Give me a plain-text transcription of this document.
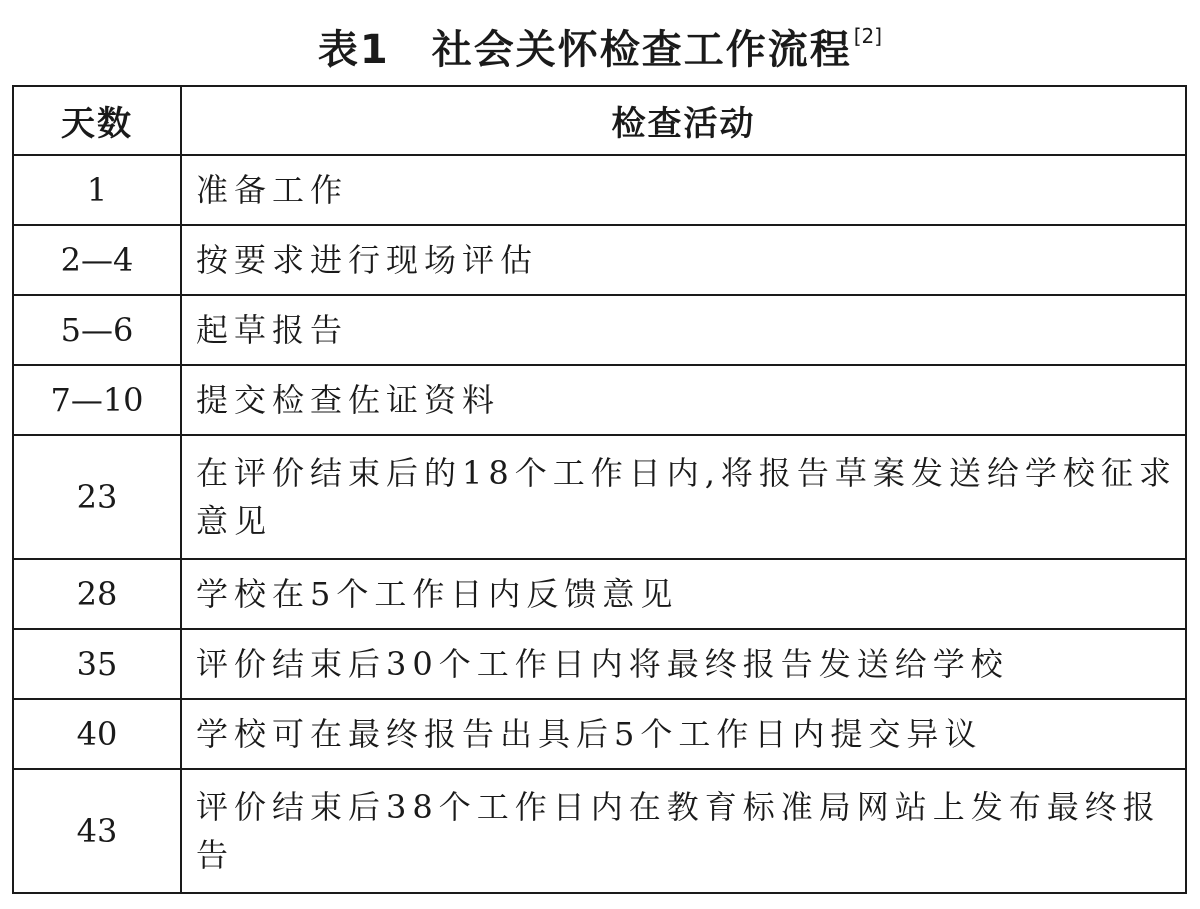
表1　社会关怀检查工作流程 [2]
天数	检查活动
1	准备工作
2—4	按要求进行现场评估
5—6	起草报告
7—10	提交检查佐证资料
23	在评价结束后的18个工作日内,将报告草案发送给学校征求意见
28	学校在5个工作日内反馈意见
35	评价结束后30个工作日内将最终报告发送给学校
40	学校可在最终报告出具后5个工作日内提交异议
43	评价结束后38个工作日内在教育标准局网站上发布最终报告
